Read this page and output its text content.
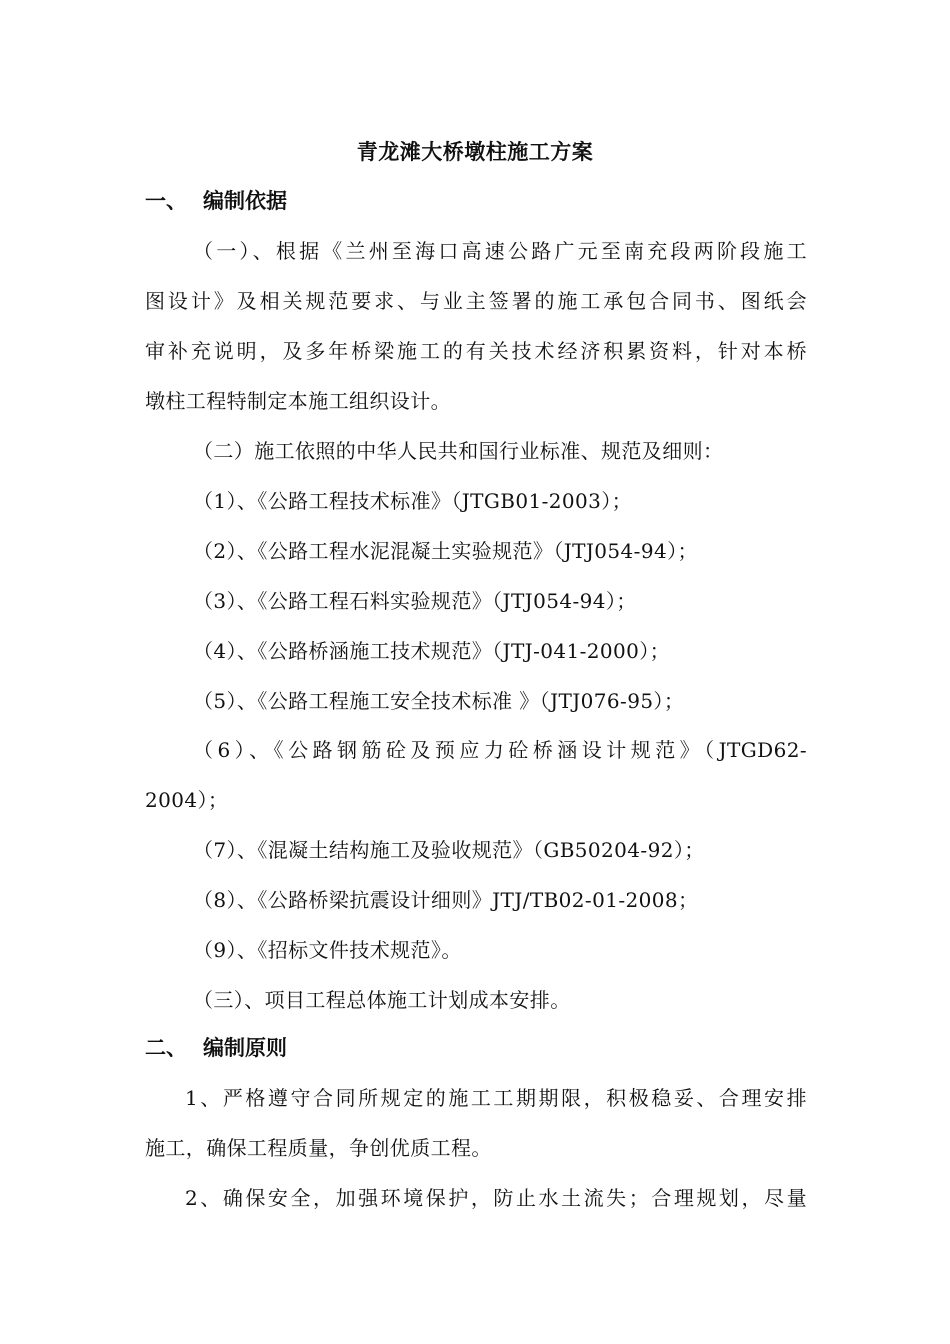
青龙滩大桥墩柱施工方案
一、 编制依据
（一）、根据《兰州至海口高速公路广元至南充段两阶段施工
图设计》及相关规范要求、与业主签署的施工承包合同书、图纸会
审补充说明，及多年桥梁施工的有关技术经济积累资料，针对本桥
墩柱工程特制定本施工组织设计。
（二）施工依照的中华人民共和国行业标准、规范及细则：
（1）、《公路工程技术标准》（JTGB01-2003）；
（2）、《公路工程水泥混凝土实验规范》（JTJ054-94）；
（3）、《公路工程石料实验规范》（JTJ054-94）；
（4）、《公路桥涵施工技术规范》（JTJ-041-2000）；
（5）、《公路工程施工安全技术标准 》（JTJ076-95）；
（6）、《公路钢筋砼及预应力砼桥涵设计规范》（JTGD62-
2004）；
（7）、《混凝土结构施工及验收规范》（GB50204-92）；
（8）、《公路桥梁抗震设计细则》JTJ/TB02-01-2008；
（9）、《招标文件技术规范》。
（三）、项目工程总体施工计划成本安排。
二、 编制原则
1、严格遵守合同所规定的施工工期期限，积极稳妥、合理安排
施工，确保工程质量，争创优质工程。
2、确保安全，加强环境保护，防止水土流失；合理规划，尽量
